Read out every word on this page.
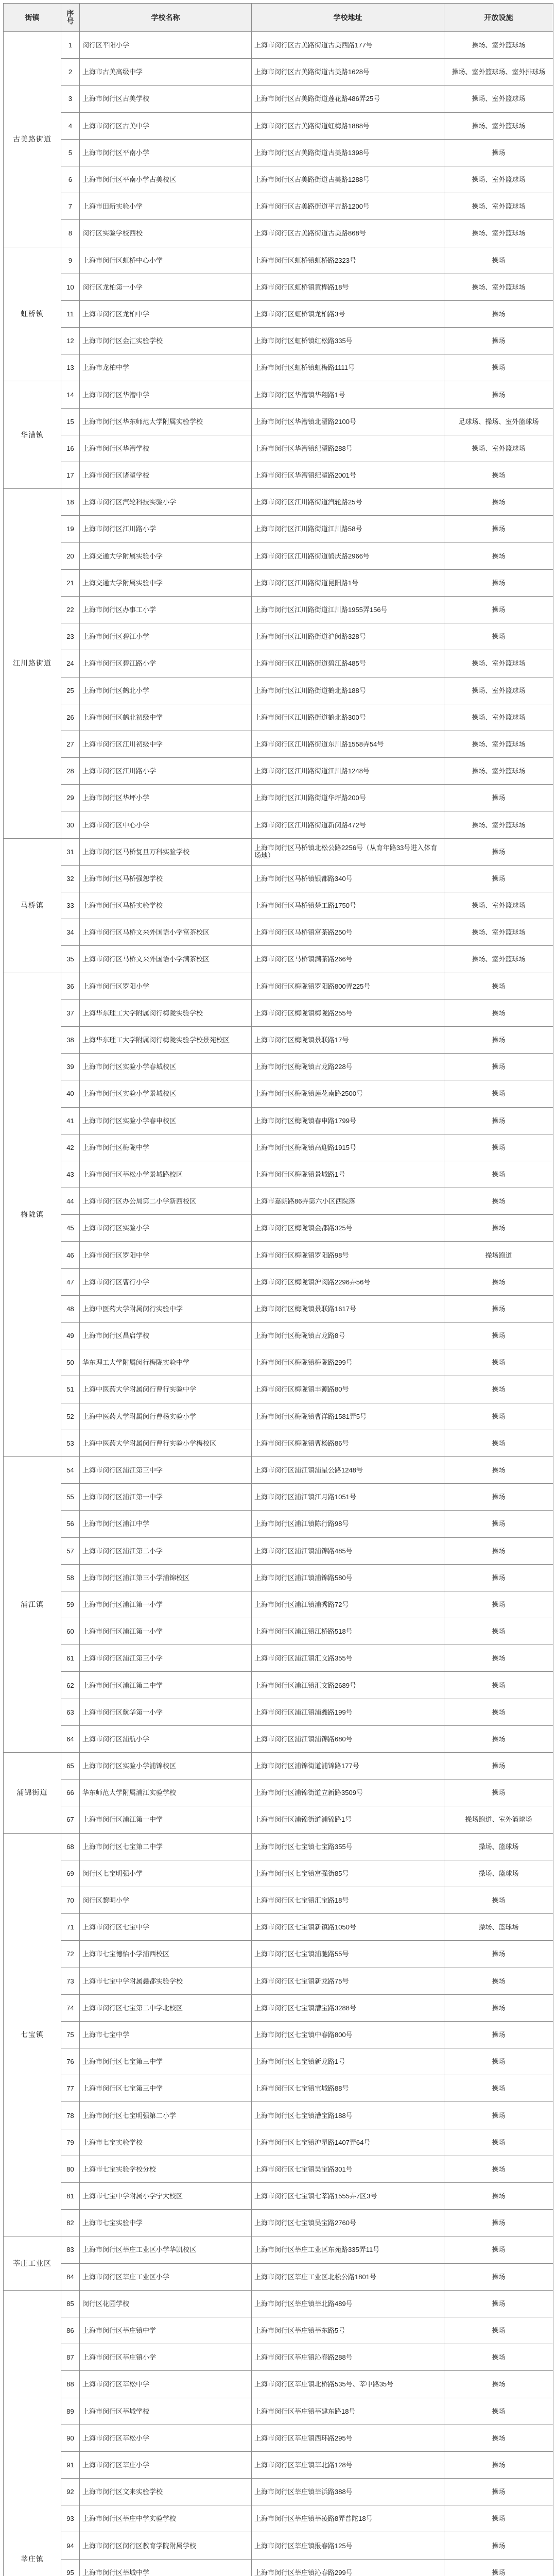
街镇	序号	学校名称	学校地址	开放设施
古美路街道	1	闵行区平阳小学	上海市闵行区古美路街道古美西路177号	操场、室外篮球场
	2	上海市古美高级中学	上海市闵行区古美路街道古美路1628号	操场、室外篮球场、室外排球场
	3	上海市闵行区古美学校	上海市闵行区古美路街道莲花路486弄25号	操场、室外篮球场
	4	上海市闵行区古美中学	上海市闵行区古美路街道虹梅路1888号	操场、室外篮球场
	5	上海市闵行区平南小学	上海市闵行区古美路街道古美路1398号	操场
	6	上海市闵行区平南小学古美校区	上海市闵行区古美路街道古美路1288号	操场、室外篮球场
	7	上海市田新实验小学	上海市闵行区古美路街道平吉路1200号	操场、室外篮球场
	8	闵行区实验学校西校	上海市闵行区古美路街道古美路868号	操场、室外篮球场
虹桥镇	9	上海市闵行区虹桥中心小学	上海市闵行区虹桥镇虹桥路2323号	操场
	10	闵行区龙柏第一小学	上海市闵行区虹桥镇黄桦路18号	操场、室外篮球场
	11	上海市闵行区龙柏中学	上海市闵行区虹桥镇龙柏路3号	操场
	12	上海市闵行区金汇实验学校	上海市闵行区虹桥镇红松路335号	操场
	13	上海市龙柏中学	上海市闵行区虹桥镇虹梅路1111号	操场
华漕镇	14	上海市闵行区华漕中学	上海市闵行区华漕镇华翔路1号	操场
	15	上海市闵行区华东师范大学附属实验学校	上海市闵行区华漕镇北翟路2100号	足球场、操场、室外篮球场
	16	上海市闵行区华漕学校	上海市闵行区华漕镇纪翟路288号	操场、室外篮球场
	17	上海市闵行区诸翟学校	上海市闵行区华漕镇纪翟路2001号	操场
江川路街道	18	上海市闵行区汽轮科技实验小学	上海市闵行区江川路街道汽轮路25号	操场
	19	上海市闵行区江川路小学	上海市闵行区江川路街道江川路58号	操场
	20	上海交通大学附属实验小学	上海市闵行区江川路街道鹤庆路2966号	操场
	21	上海交通大学附属实验中学	上海市闵行区江川路街道昆阳路1号	操场
	22	上海市闵行区办事工小学	上海市闵行区江川路街道江川路1955弄156号	操场
	23	上海市闵行区碧江小学	上海市闵行区江川路街道沪闵路328号	操场
	24	上海市闵行区碧江路小学	上海市闵行区江川路街道碧江路485号	操场、室外篮球场
	25	上海市闵行区鹤北小学	上海市闵行区江川路街道鹤北路188号	操场、室外篮球场
	26	上海市闵行区鹤北初级中学	上海市闵行区江川路街道鹤北路300号	操场、室外篮球场
	27	上海市闵行区江川初级中学	上海市闵行区江川路街道东川路1558弄54号	操场、室外篮球场
	28	上海市闵行区江川路小学	上海市闵行区江川路街道江川路1248号	操场、室外篮球场
	29	上海市闵行区华坪小学	上海市闵行区江川路街道华坪路200号	操场
	30	上海市闵行区中心小学	上海市闵行区江川路街道新闵路472号	操场、室外篮球场
马桥镇	31	上海市闵行区马桥复旦万科实验学校	上海市闵行区马桥镇北松公路2256号（从育年路33号进入体育场地）	操场
	32	上海市闵行区马桥强恕学校	上海市闵行区马桥镇银都路340号	操场
	33	上海市闵行区马桥实验学校	上海市闵行区马桥镇楚工路1750号	操场、室外篮球场
	34	上海市闵行区马桥文来外国语小学富茶校区	上海市闵行区马桥镇富茶路250号	操场、室外篮球场
	35	上海市闵行区马桥文来外国语小学满茶校区	上海市闵行区马桥镇满茶路266号	操场、室外篮球场
梅陇镇	36	上海市闵行区罗阳小学	上海市闵行区梅陇镇罗阳路800弄225号	操场
	37	上海华东理工大学附属闵行梅陇实验学校	上海市闵行区梅陇镇梅陇路255号	操场
	38	上海华东理工大学附属闵行梅陇实验学校景苑校区	上海市闵行区梅陇镇景联路17号	操场
	39	上海市闵行区实验小学春城校区	上海市闵行区梅陇镇古龙路228号	操场
	40	上海市闵行区实验小学景城校区	上海市闵行区梅陇镇莲花南路2500号	操场
	41	上海市闵行区实验小学春申校区	上海市闵行区梅陇镇春申路1799号	操场
	42	上海市闵行区梅陇中学	上海市闵行区梅陇镇高迎路1915号	操场
	43	上海市闵行区莘松小学景城路校区	上海市闵行区梅陇镇景城路1号	操场
	44	上海市闵行区办公局第二小学新西校区	上海市嘉朗路86弄第六小区西院落	操场
	45	上海市闵行区实验小学	上海市闵行区梅陇镇金都路325号	操场
	46	上海市闵行区罗阳中学	上海市闵行区梅陇镇罗阳路98号	操场跑道
	47	上海市闵行区曹行小学	上海市闵行区梅陇镇沪闵路2296弄56号	操场
	48	上海中医药大学附属闵行实验中学	上海市闵行区梅陇镇景联路1617号	操场
	49	上海市闵行区昌启学校	上海市闵行区梅陇镇古龙路8号	操场
	50	华东理工大学附属闵行梅陇实验中学	上海市闵行区梅陇镇梅陇路299号	操场
	51	上海中医药大学附属闵行曹行实验中学	上海市闵行区梅陇镇丰源路80号	操场
	52	上海中医药大学附属闵行曹杨实验小学	上海市闵行区梅陇镇曹洋路1581弄5号	操场
	53	上海中医药大学附属闵行曹行实验小学梅校区	上海市闵行区梅陇镇曹杨路86号	操场
浦江镇	54	上海市闵行区浦江第三中学	上海市闵行区浦江镇浦星公路1248号	操场
	55	上海市闵行区浦江第一中学	上海市闵行区浦江镇江月路1051号	操场
	56	上海市闵行区浦江中学	上海市闵行区浦江镇陈行路98号	操场
	57	上海市闵行区浦江第二小学	上海市闵行区浦江镇浦锦路485号	操场
	58	上海市闵行区浦江第三小学浦锦校区	上海市闵行区浦江镇浦锦路580号	操场
	59	上海市闵行区浦江第一小学	上海市闵行区浦江镇浦秀路72号	操场
	60	上海市闵行区浦江第一小学	上海市闵行区浦江镇江桥路518号	操场
	61	上海市闵行区浦江第三小学	上海市闵行区浦江镇汇文路355号	操场
	62	上海市闵行区浦江第二中学	上海市闵行区浦江镇汇文路2689号	操场
	63	上海市闵行区航华第一小学	上海市闵行区浦江镇浦鑫路199号	操场
	64	上海市闵行区浦航小学	上海市闵行区浦江镇浦锦路680号	操场
浦锦街道	65	上海市闵行区实验小学浦锦校区	上海市闵行区浦锦街道浦锦路177号	操场
	66	华东师范大学附属浦江实验学校	上海市闵行区浦锦街道立新路3509号	操场
	67	上海市闵行区浦江第一中学	上海市闵行区浦锦街道浦锦路1号	操场跑道、室外篮球场
七宝镇	68	上海市闵行区七宝第二中学	上海市闵行区七宝镇七宝路355号	操场、篮球场
	69	闵行区七宝明强小学	上海市闵行区七宝镇富强街85号	操场、篮球场
	70	闵行区黎明小学	上海市闵行区七宝镇汇宝路18号	操场
	71	上海市闵行区七宝中学	上海市闵行区七宝镇新镇路1050号	操场、篮球场
	72	上海市七宝德怡小学浦西校区	上海市闵行区七宝镇浦驰路55号	操场
	73	上海市七宝中学附属鑫都实验学校	上海市闵行区七宝镇新龙路75号	操场
	74	上海市闵行区七宝第二中学北校区	上海市闵行区七宝镇漕宝路3288号	操场
	75	上海市七宝中学	上海市闵行区七宝镇中春路800号	操场
	76	上海市闵行区七宝第三中学	上海市闵行区七宝镇新龙路1号	操场
	77	上海市闵行区七宝第三中学	上海市闵行区七宝镇宝城路88号	操场
	78	上海市闵行区七宝明强第二小学	上海市闵行区七宝镇漕宝路188号	操场
	79	上海市七宝实验学校	上海市闵行区七宝镇沪星路1407弄64号	操场
	80	上海市七宝实验学校分校	上海市闵行区七宝镇吴宝路301号	操场
	81	上海市七宝中学附属小学宁大校区	上海市闵行区七宝镇七莘路1555弄7区3号	操场
	82	上海市七宝实验中学	上海市闵行区七宝镇吴宝路2760号	操场
莘庄工业区	83	上海市闵行区莘庄工业区小学华凯校区	上海市闵行区莘庄工业区东苑路335弄11号	操场
	84	上海市闵行区莘庄工业区小学	上海市闵行区莘庄工业区北松公路1801号	操场
莘庄镇	85	闵行区花园学校	上海市闵行区莘庄镇莘北路489号	操场
	86	上海市闵行区莘庄镇中学	上海市闵行区莘庄镇莘东路5号	操场
	87	上海市闵行区莘庄镇小学	上海市闵行区莘庄镇沁春路288号	操场
	88	上海市闵行区莘松中学	上海市闵行区莘庄镇北桥路535号、莘中路35号	操场
	89	上海市闵行区莘城学校	上海市闵行区莘庄镇莘建东路18号	操场
	90	上海市闵行区莘松小学	上海市闵行区莘庄镇西环路295号	操场
	91	上海市闵行区莘庄小学	上海市闵行区莘庄镇莘北路128号	操场
	92	上海市闵行区文来实验学校	上海市闵行区莘庄镇莘浜路388号	操场
	93	上海市闵行区莘庄中学实验学校	上海市闵行区莘庄镇莘凌路8弄普陀18号	操场
	94	上海市闵行区闵行区教育学院附属学校	上海市闵行区莘庄镇报春路125号	操场
	95	上海市闵行区莘城中学	上海市闵行区莘庄镇沁春路299号	操场
